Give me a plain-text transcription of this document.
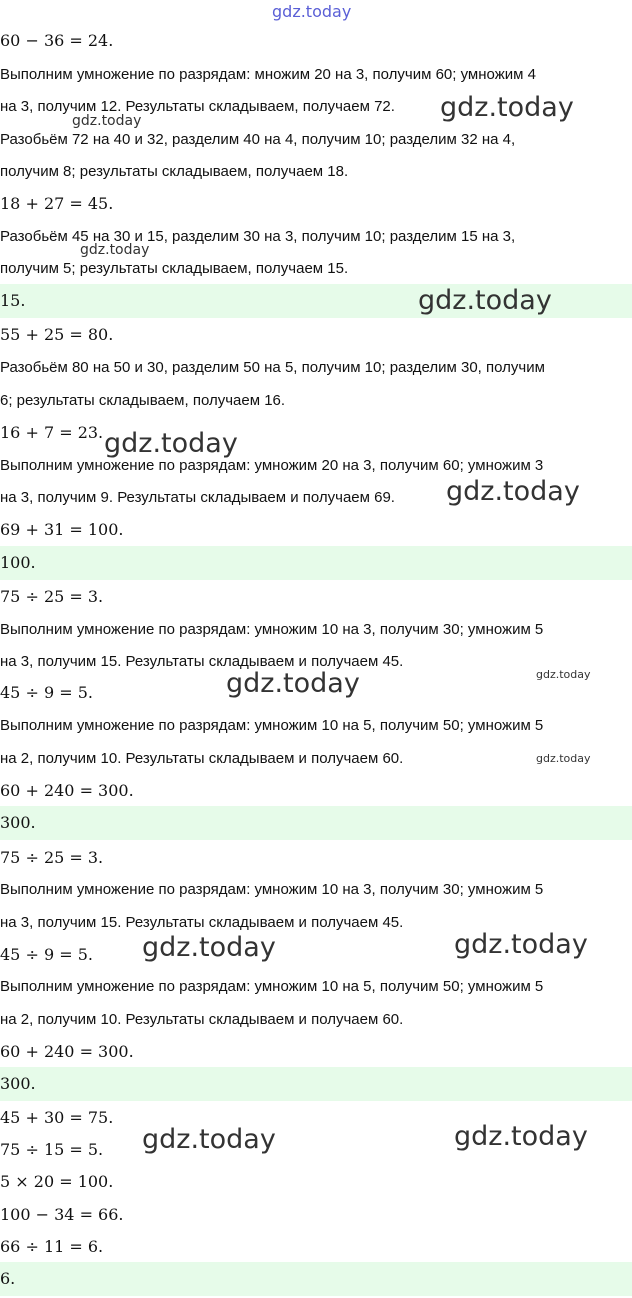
gdz.today
60 − 36 = 24.
Выполним умножение по разрядам: множим 20 на 3, получим 60; умножим 4
на 3, получим 12. Результаты складываем, получаем 72.
Разобьём 72 на 40 и 32, разделим 40 на 4, получим 10; разделим 32 на 4,
получим 8; результаты складываем, получаем 18.
18 + 27 = 45.
Разобьём 45 на 30 и 15, разделим 30 на 3, получим 10; разделим 15 на 3,
получим 5; результаты складываем, получаем 15.
55 + 25 = 80.
Разобьём 80 на 50 и 30, разделим 50 на 5, получим 10; разделим 30, получим
6; результаты складываем, получаем 16.
16 + 7 = 23.
Выполним умножение по разрядам: умножим 20 на 3, получим 60; умножим 3
на 3, получим 9. Результаты складываем и получаем 69.
69 + 31 = 100.
75 ÷ 25 = 3.
Выполним умножение по разрядам: умножим 10 на 3, получим 30; умножим 5
на 3, получим 15. Результаты складываем и получаем 45.
45 ÷ 9 = 5.
Выполним умножение по разрядам: умножим 10 на 5, получим 50; умножим 5
на 2, получим 10. Результаты складываем и получаем 60.
60 + 240 = 300.
75 ÷ 25 = 3.
Выполним умножение по разрядам: умножим 10 на 3, получим 30; умножим 5
на 3, получим 15. Результаты складываем и получаем 45.
45 ÷ 9 = 5.
Выполним умножение по разрядам: умножим 10 на 5, получим 50; умножим 5
на 2, получим 10. Результаты складываем и получаем 60.
60 + 240 = 300.
45 + 30 = 75.
75 ÷ 15 = 5.
5 × 20 = 100.
100 − 34 = 66.
66 ÷ 11 = 6.
15.
100.
300.
300.
6.
gdz.today
gdz.today
gdz.today
gdz.today
gdz.today
gdz.today
gdz.today	gdz.today
gdz.today
gdz.today	gdz.today
gdz.today	gdz.today
